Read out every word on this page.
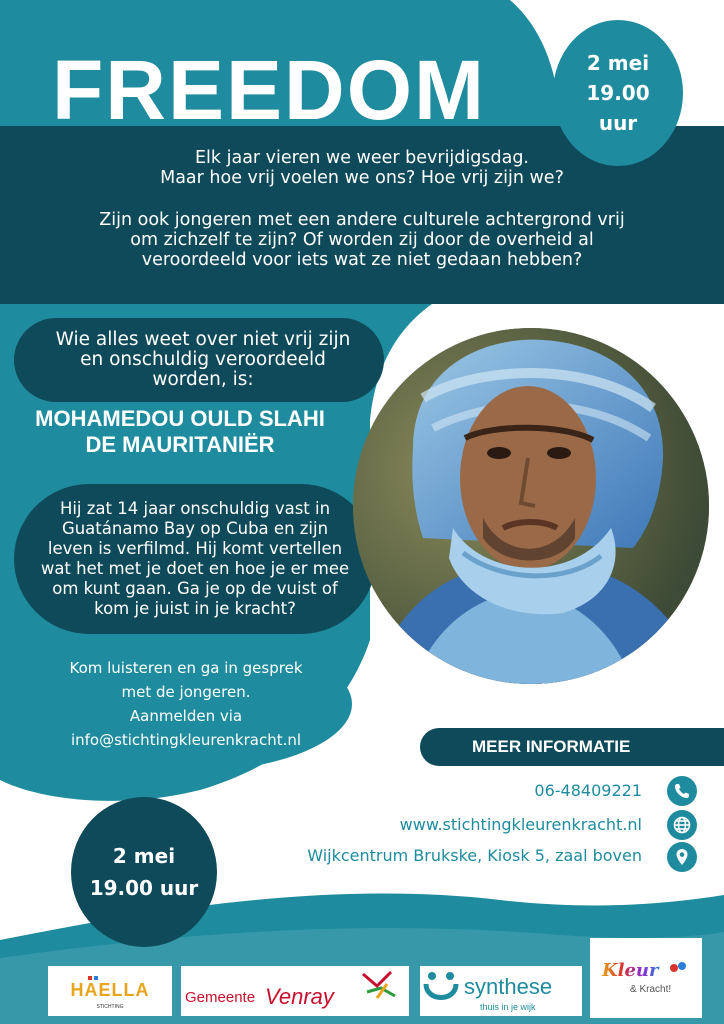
FREEDOM	2 mei
19.00
uur

Elk jaar vieren we weer bevrijdigsdag.

Maar hoe vrij voelen we ons? Hoe vrij zijn we?

Zijn ook jongeren met een andere culturele achtergrond vrij

om zichzelf te zijn? Of worden zij door de overheid al

veroordeeld voor iets wat ze niet gedaan hebben?

Wie alles weet over niet vrij zijn
en onschuldig veroordeeld
worden, is:
MOHAMEDOU OULD SLAHI
DE MAURITANIËR
Hij zat 14 jaar onschuldig vast in
Guatánamo Bay op Cuba en zijn
leven is verfilmd. Hij komt vertellen
wat het met je doet en hoe je er mee
om kunt gaan. Ga je op de vuist of
kom je juist in je kracht?
Kom luisteren en ga in gesprek
met de jongeren.
Aanmelden via
info@stichtingkleurenkracht.nl	MEER INFORMATIE
06-48409221
www.stichtingkleurenkracht.nl
Wijkcentrum Brukske, Kiosk 5, zaal boven
2 mei
19.00 uur
HAELLA
STICHTING
Gemeente Venray	synthese
thuis in je wijk
Kleur
& Kracht!
